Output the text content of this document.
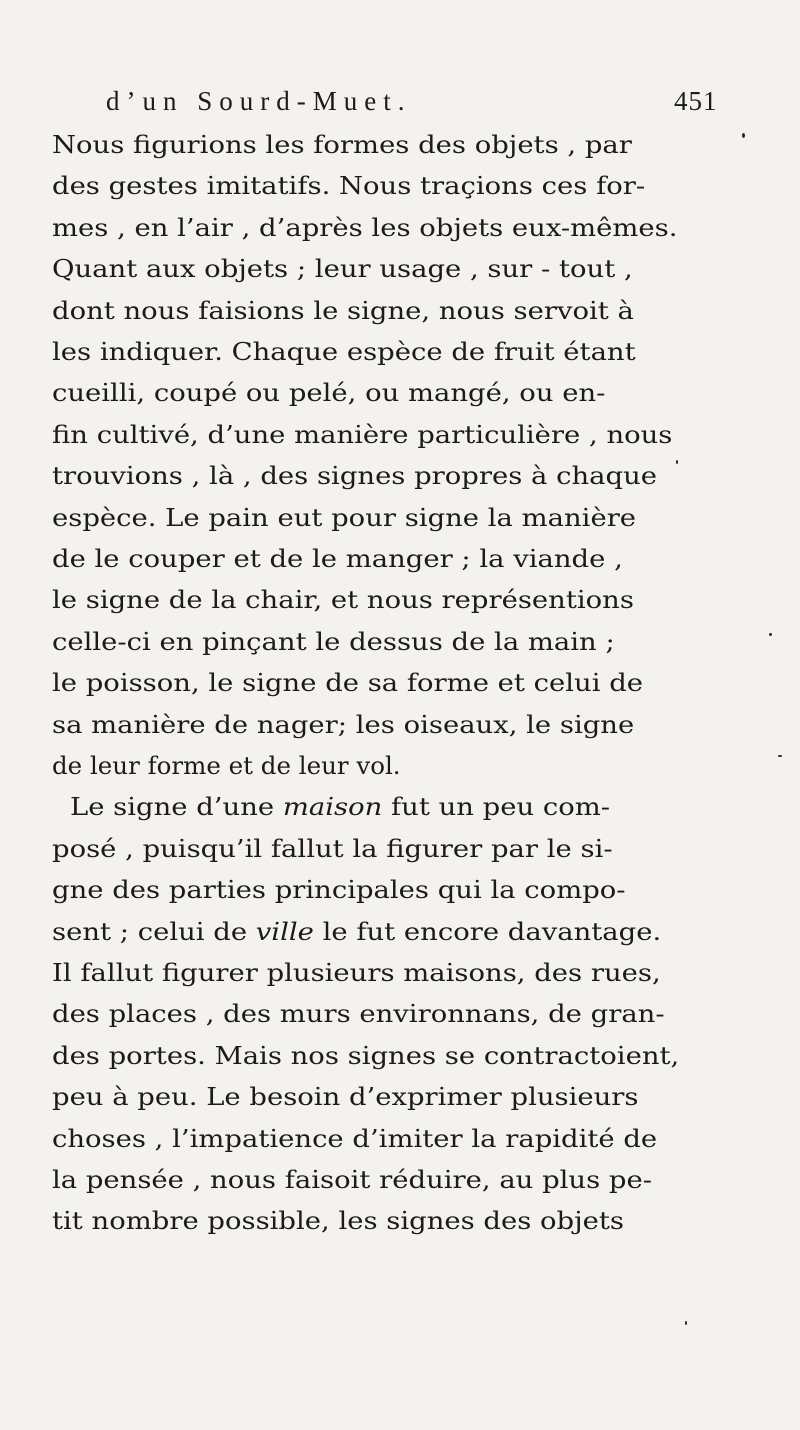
d’un Sourd-Muet.	451
Nous figurions les formes des objets , par
des gestes imitatifs. Nous traçions ces for-
mes , en l’air , d’après les objets eux-mêmes.
Quant aux objets ; leur usage , sur - tout ,
dont nous faisions le signe, nous servoit à
les indiquer. Chaque espèce de fruit étant
cueilli, coupé ou pelé, ou mangé, ou en-
fin cultivé, d’une manière particulière , nous
trouvions , là , des signes propres à chaque
espèce. Le pain eut pour signe la manière
de le couper et de le manger ; la viande ,
le signe de la chair, et nous représentions
celle-ci en pinçant le dessus de la main ;
le poisson, le signe de sa forme et celui de
sa manière de nager; les oiseaux, le signe
de leur forme et de leur vol.
Le signe d’une maison fut un peu com-
posé , puisqu’il fallut la figurer par le si-
gne des parties principales qui la compo-
sent ; celui de ville le fut encore davantage.
Il fallut figurer plusieurs maisons, des rues,
des places , des murs environnans, de gran-
des portes. Mais nos signes se contractoient,
peu à peu. Le besoin d’exprimer plusieurs
choses , l’impatience d’imiter la rapidité de
la pensée , nous faisoit réduire, au plus pe-
tit nombre possible, les signes des objets
